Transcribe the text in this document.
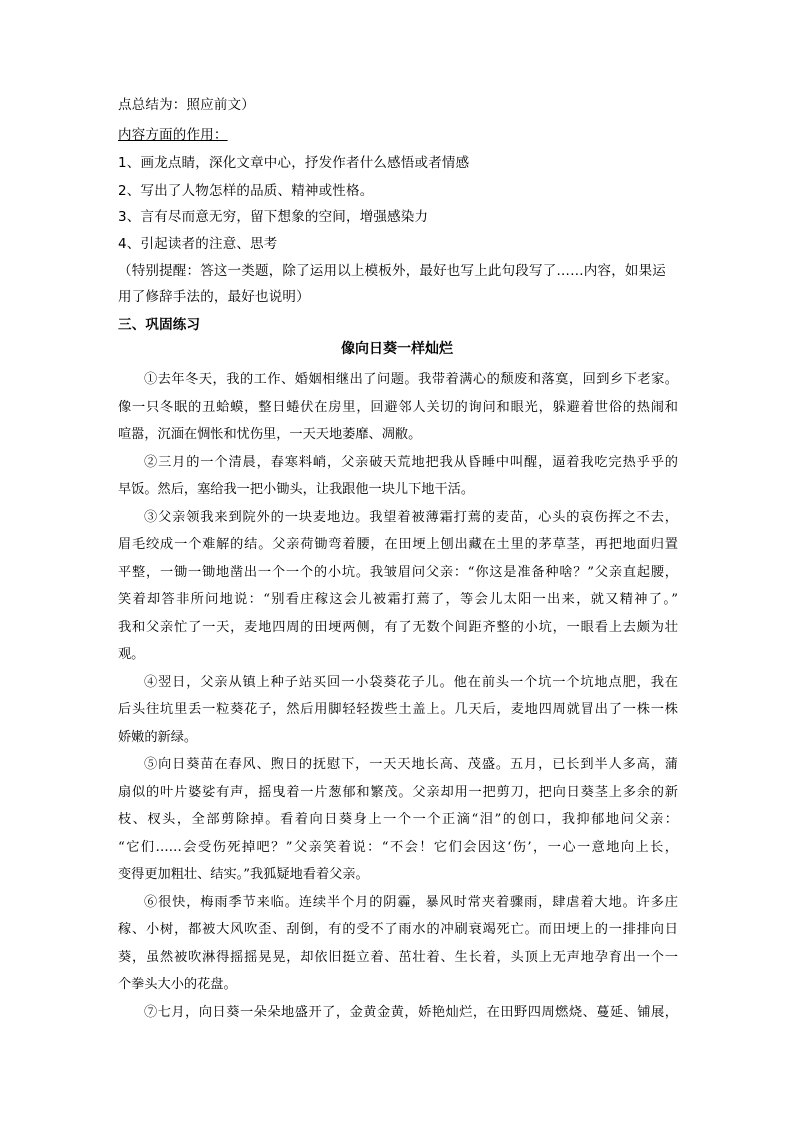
点总结为：照应前文）
内容方面的作用：
1、画龙点睛，深化文章中心，抒发作者什么感悟或者情感
2、写出了人物怎样的品质、精神或性格。
3、言有尽而意无穷，留下想象的空间，增强感染力
4、引起读者的注意、思考
（特别提醒：答这一类题，除了运用以上模板外，最好也写上此句段写了……内容，如果运
用了修辞手法的，最好也说明）
三、巩固练习
像向日葵一样灿烂
①去年冬天，我的工作、婚姻相继出了问题。我带着满心的颓废和落寞，回到乡下老家。
像一只冬眠的丑蛤蟆，整日蜷伏在房里，回避邻人关切的询问和眼光，躲避着世俗的热闹和
喧嚣，沉湎在惆怅和忧伤里，一天天地萎靡、凋敝。
②三月的一个清晨，春寒料峭，父亲破天荒地把我从昏睡中叫醒，逼着我吃完热乎乎的
早饭。然后，塞给我一把小锄头，让我跟他一块儿下地干活。
③父亲领我来到院外的一块麦地边。我望着被薄霜打蔫的麦苗，心头的哀伤挥之不去，
眉毛绞成一个难解的结。父亲荷锄弯着腰，在田埂上刨出藏在土里的茅草茎，再把地面归置
平整，一锄一锄地凿出一个一个的小坑。我皱眉问父亲：“你这是准备种啥？”父亲直起腰，
笑着却答非所问地说：“别看庄稼这会儿被霜打蔫了，等会儿太阳一出来，就又精神了。”
我和父亲忙了一天，麦地四周的田埂两侧，有了无数个间距齐整的小坑，一眼看上去颇为壮
观。
④翌日，父亲从镇上种子站买回一小袋葵花子儿。他在前头一个坑一个坑地点肥，我在
后头往坑里丢一粒葵花子，然后用脚轻轻拨些土盖上。几天后，麦地四周就冒出了一株一株
娇嫩的新绿。
⑤向日葵苗在春风、煦日的抚慰下，一天天地长高、茂盛。五月，已长到半人多高，蒲
扇似的叶片婆娑有声，摇曳着一片葱郁和繁茂。父亲却用一把剪刀，把向日葵茎上多余的新
枝、杈头，全部剪除掉。看着向日葵身上一个一个正滴“泪”的创口，我抑郁地问父亲：
“它们……会受伤死掉吧？”父亲笑着说：“不会！它们会因这‘伤’，一心一意地向上长，
变得更加粗壮、结实。”我狐疑地看着父亲。
⑥很快，梅雨季节来临。连续半个月的阴霾，暴风时常夹着骤雨，肆虐着大地。许多庄
稼、小树，都被大风吹歪、刮倒，有的受不了雨水的冲刷衰竭死亡。而田埂上的一排排向日
葵，虽然被吹淋得摇摇晃晃，却依旧挺立着、茁壮着、生长着，头顶上无声地孕育出一个一
个拳头大小的花盘。
⑦七月，向日葵一朵朵地盛开了，金黄金黄，娇艳灿烂，在田野四周燃烧、蔓延、铺展，
